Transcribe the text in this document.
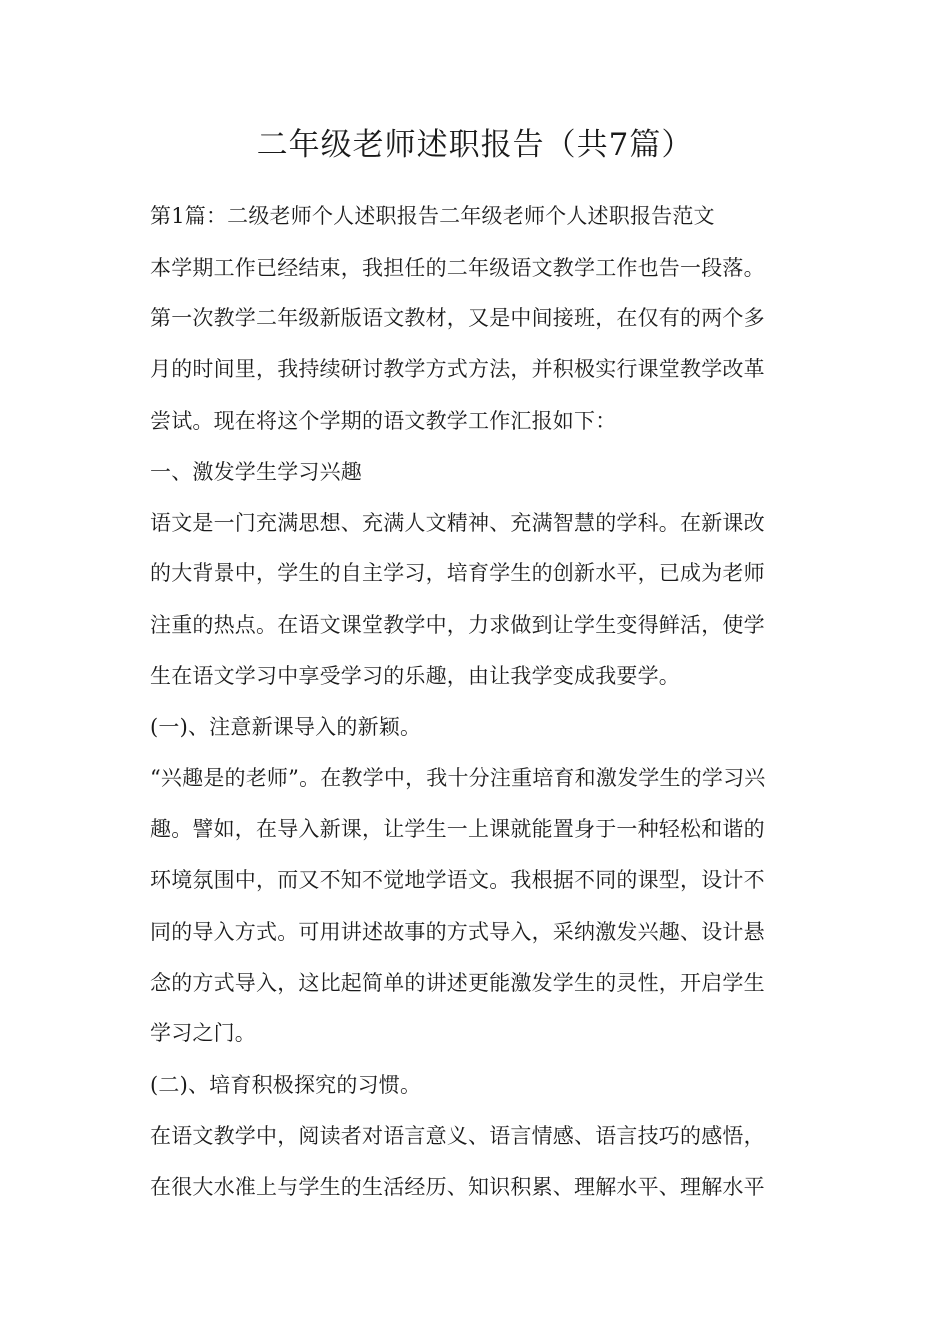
二年级老师述职报告（共7篇）
第1篇：二级老师个人述职报告二年级老师个人述职报告范文
本学期工作已经结束，我担任的二年级语文教学工作也告一段落。
第一次教学二年级新版语文教材，又是中间接班，在仅有的两个多
月的时间里，我持续研讨教学方式方法，并积极实行课堂教学改革
尝试。现在将这个学期的语文教学工作汇报如下：
一、激发学生学习兴趣
语文是一门充满思想、充满人文精神、充满智慧的学科。在新课改
的大背景中，学生的自主学习，培育学生的创新水平，已成为老师
注重的热点。在语文课堂教学中，力求做到让学生变得鲜活，使学
生在语文学习中享受学习的乐趣，由让我学变成我要学。
(一)、注意新课导入的新颖。
“兴趣是的老师”。在教学中，我十分注重培育和激发学生的学习兴
趣。譬如，在导入新课，让学生一上课就能置身于一种轻松和谐的
环境氛围中，而又不知不觉地学语文。我根据不同的课型，设计不
同的导入方式。可用讲述故事的方式导入，采纳激发兴趣、设计悬
念的方式导入，这比起简单的讲述更能激发学生的灵性，开启学生
学习之门。
(二)、培育积极探究的习惯。
在语文教学中，阅读者对语言意义、语言情感、语言技巧的感悟，
在很大水准上与学生的生活经历、知识积累、理解水平、理解水平
